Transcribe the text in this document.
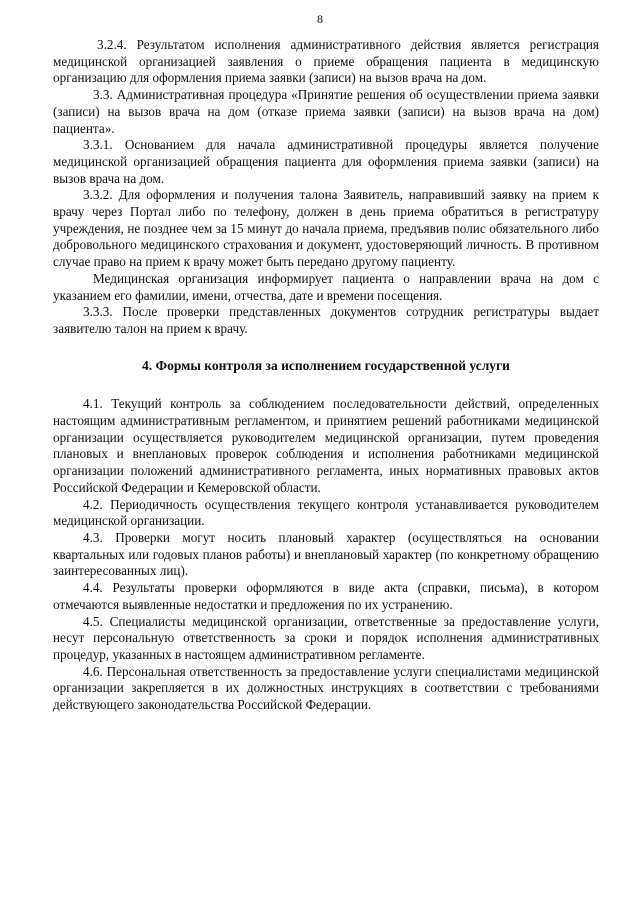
8

3.2.4. Результатом исполнения административного действия является регистрация медицинской организацией заявления о приеме обращения пациента в медицинскую организацию для оформления приема заявки (записи) на вызов врача на дом.

3.3. Административная процедура «Принятие решения об осуществлении приема заявки (записи) на вызов врача на дом (отказе приема заявки (записи) на вызов врача на дом) пациента».

3.3.1. Основанием для начала административной процедуры является получение медицинской организацией обращения пациента для оформления приема заявки (записи) на вызов врача на дом.

3.3.2. Для оформления и получения талона Заявитель, направивший заявку на прием к врачу через Портал либо по телефону, должен в день приема обратиться в регистратуру учреждения, не позднее чем за 15 минут до начала приема, предъявив полис обязательного либо добровольного медицинского страхования и документ, удостоверяющий личность. В противном случае право на прием к врачу может быть передано другому пациенту.

Медицинская организация информирует пациента о направлении врача на дом с указанием его фамилии, имени, отчества, дате и времени посещения.

3.3.3. После проверки представленных документов сотрудник регистратуры выдает заявителю талон на прием к врачу.

4. Формы контроля за исполнением государственной услуги

4.1. Текущий контроль за соблюдением последовательности действий, определенных настоящим административным регламентом, и принятием решений работниками медицинской организации осуществляется руководителем медицинской организации, путем проведения плановых и внеплановых проверок соблюдения и исполнения работниками медицинской организации положений административного регламента, иных нормативных правовых актов Российской Федерации и Кемеровской области.

4.2. Периодичность осуществления текущего контроля устанавливается руководителем медицинской организации.

4.3. Проверки могут носить плановый характер (осуществляться на основании квартальных или годовых планов работы) и внеплановый характер (по конкретному обращению заинтересованных лиц).

4.4. Результаты проверки оформляются в виде акта (справки, письма), в котором отмечаются выявленные недостатки и предложения по их устранению.

4.5. Специалисты медицинской организации, ответственные за предоставление услуги, несут персональную ответственность за сроки и порядок исполнения административных процедур, указанных в настоящем административном регламенте.

4.6. Персональная ответственность за предоставление услуги специалистами медицинской организации закрепляется в их должностных инструкциях в соответствии с требованиями действующего законодательства Российской Федерации.
